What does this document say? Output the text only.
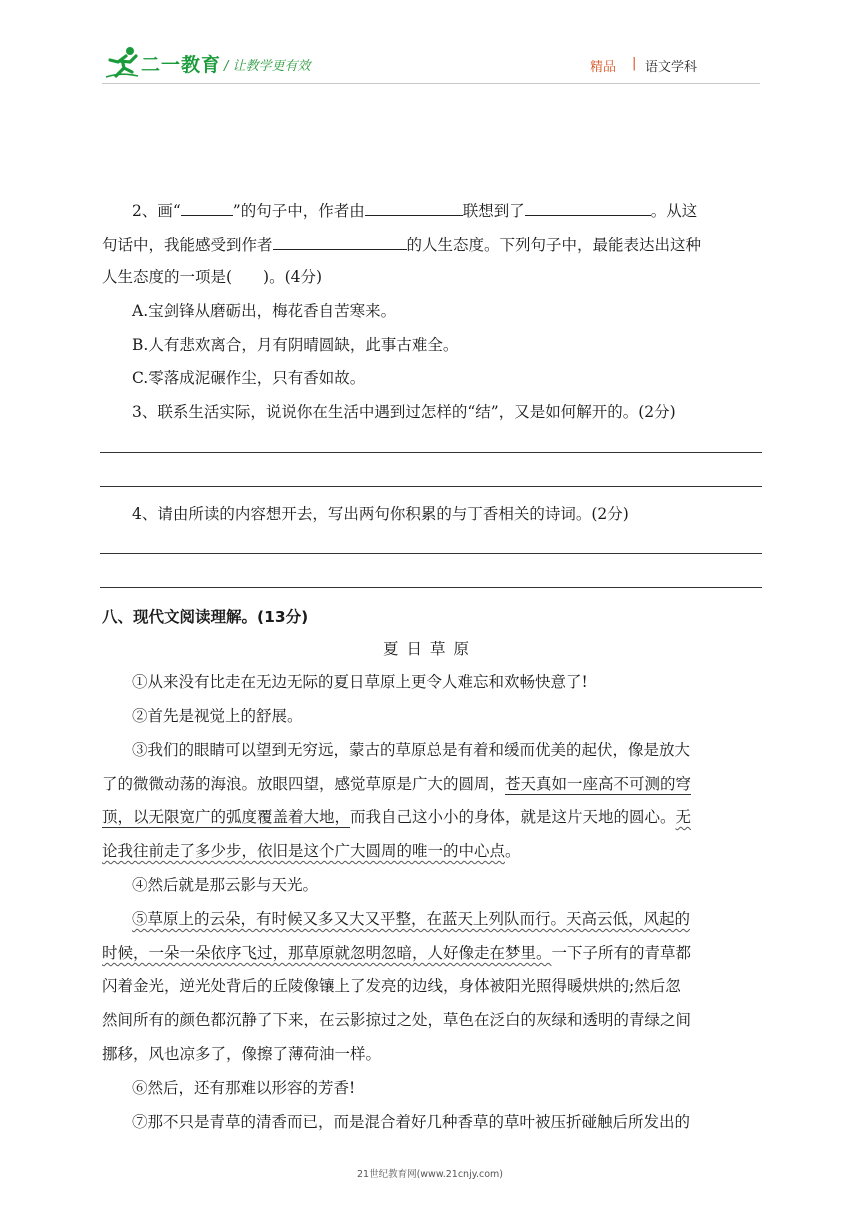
二一教育 / 让教学更有效	精品 | 语文学科
2、画“	”的句子中，作者由	联想到了	。从这
句话中，我能感受到作者	的人生态度。下列句子中，最能表达出这种
人生态度的一项是(　　)。(4分)
A.宝剑锋从磨砺出，梅花香自苦寒来。
B.人有悲欢离合，月有阴晴圆缺，此事古难全。
C.零落成泥碾作尘，只有香如故。
3、联系生活实际，说说你在生活中遇到过怎样的“结”，又是如何解开的。(2分)
4、请由所读的内容想开去，写出两句你积累的与丁香相关的诗词。(2分)
八、现代文阅读理解。(13分)
夏日草原
①从来没有比走在无边无际的夏日草原上更令人难忘和欢畅快意了!
②首先是视觉上的舒展。
③我们的眼睛可以望到无穷远，蒙古的草原总是有着和缓而优美的起伏，像是放大
了的微微动荡的海浪。放眼四望，感觉草原是广大的圆周，苍天真如一座高不可测的穹
顶，以无限宽广的弧度覆盖着大地，而我自己这小小的身体，就是这片天地的圆心。无
论我往前走了多少步，依旧是这个广大圆周的唯一的中心点。
④然后就是那云影与天光。
⑤草原上的云朵，有时候又多又大又平整，在蓝天上列队而行。天高云低，风起的
时候，一朵一朵依序飞过，那草原就忽明忽暗，人好像走在梦里。一下子所有的青草都
闪着金光，逆光处背后的丘陵像镶上了发亮的边线，身体被阳光照得暖烘烘的;然后忽
然间所有的颜色都沉静了下来，在云影掠过之处，草色在泛白的灰绿和透明的青绿之间
挪移，风也凉多了，像擦了薄荷油一样。
⑥然后，还有那难以形容的芳香!
⑦那不只是青草的清香而已，而是混合着好几种香草的草叶被压折碰触后所发出的
21世纪教育网(www.21cnjy.com)
